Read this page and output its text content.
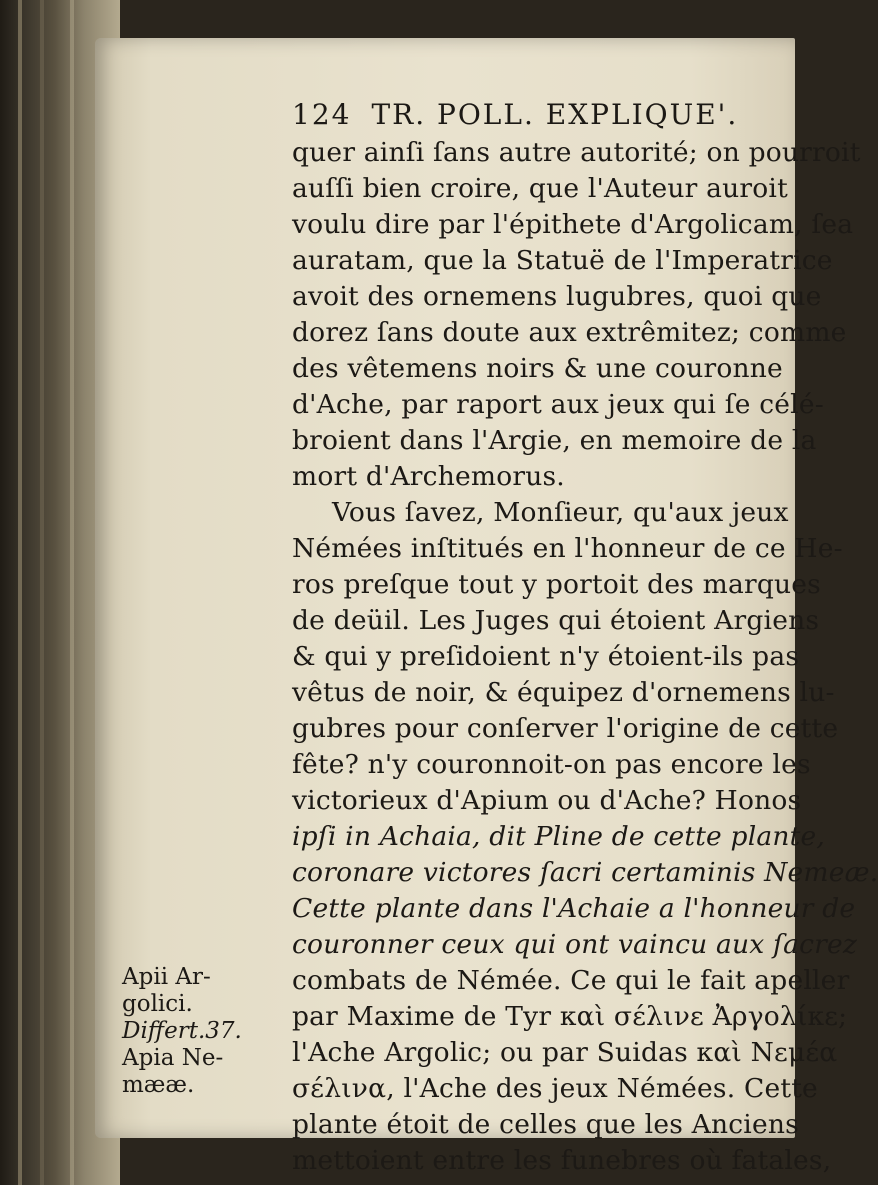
124 TR. POLL. EXPLIQUE'.
quer ainſi ſans autre autorité; on pourroit
auſſi bien croire, que l'Auteur auroit
voulu dire par l'épithete d'Argolicam, ſea
auratam, que la Statuë de l'Imperatrice
avoit des ornemens lugubres, quoi que
dorez ſans doute aux extrêmitez; comme
des vêtemens noirs & une couronne
d'Ache, par raport aux jeux qui ſe célé-
broient dans l'Argie, en memoire de la
mort d'Archemorus.
Vous ſavez, Monſieur, qu'aux jeux
Némées inſtitués en l'honneur de ce He-
ros preſque tout y portoit des marques
de deüil. Les Juges qui étoient Argiens
& qui y preſidoient n'y étoient-ils pas
vêtus de noir, & équipez d'ornemens lu-
gubres pour conſerver l'origine de cette
fête? n'y couronnoit-on pas encore les
victorieux d'Apium ou d'Ache? Honos
ipſi in Achaia, dit Pline de cette plante,
coronare victores ſacri certaminis Nemeæ.
Cette plante dans l'Achaie a l'honneur de
couronner ceux qui ont vaincu aux ſacrez
combats de Némée. Ce qui le fait apeller
par Maxime de Tyr καὶ σέλινε Ἀργολίκε;
l'Ache Argolic; ou par Suidas καὶ Νεμέα
σέλινα, l'Ache des jeux Némées. Cette
plante étoit de celles que les Anciens
mettoient entre les funebres où fatales,
Apii Ar-
golici.
Differt.37.
Apia Ne-
mææ.
